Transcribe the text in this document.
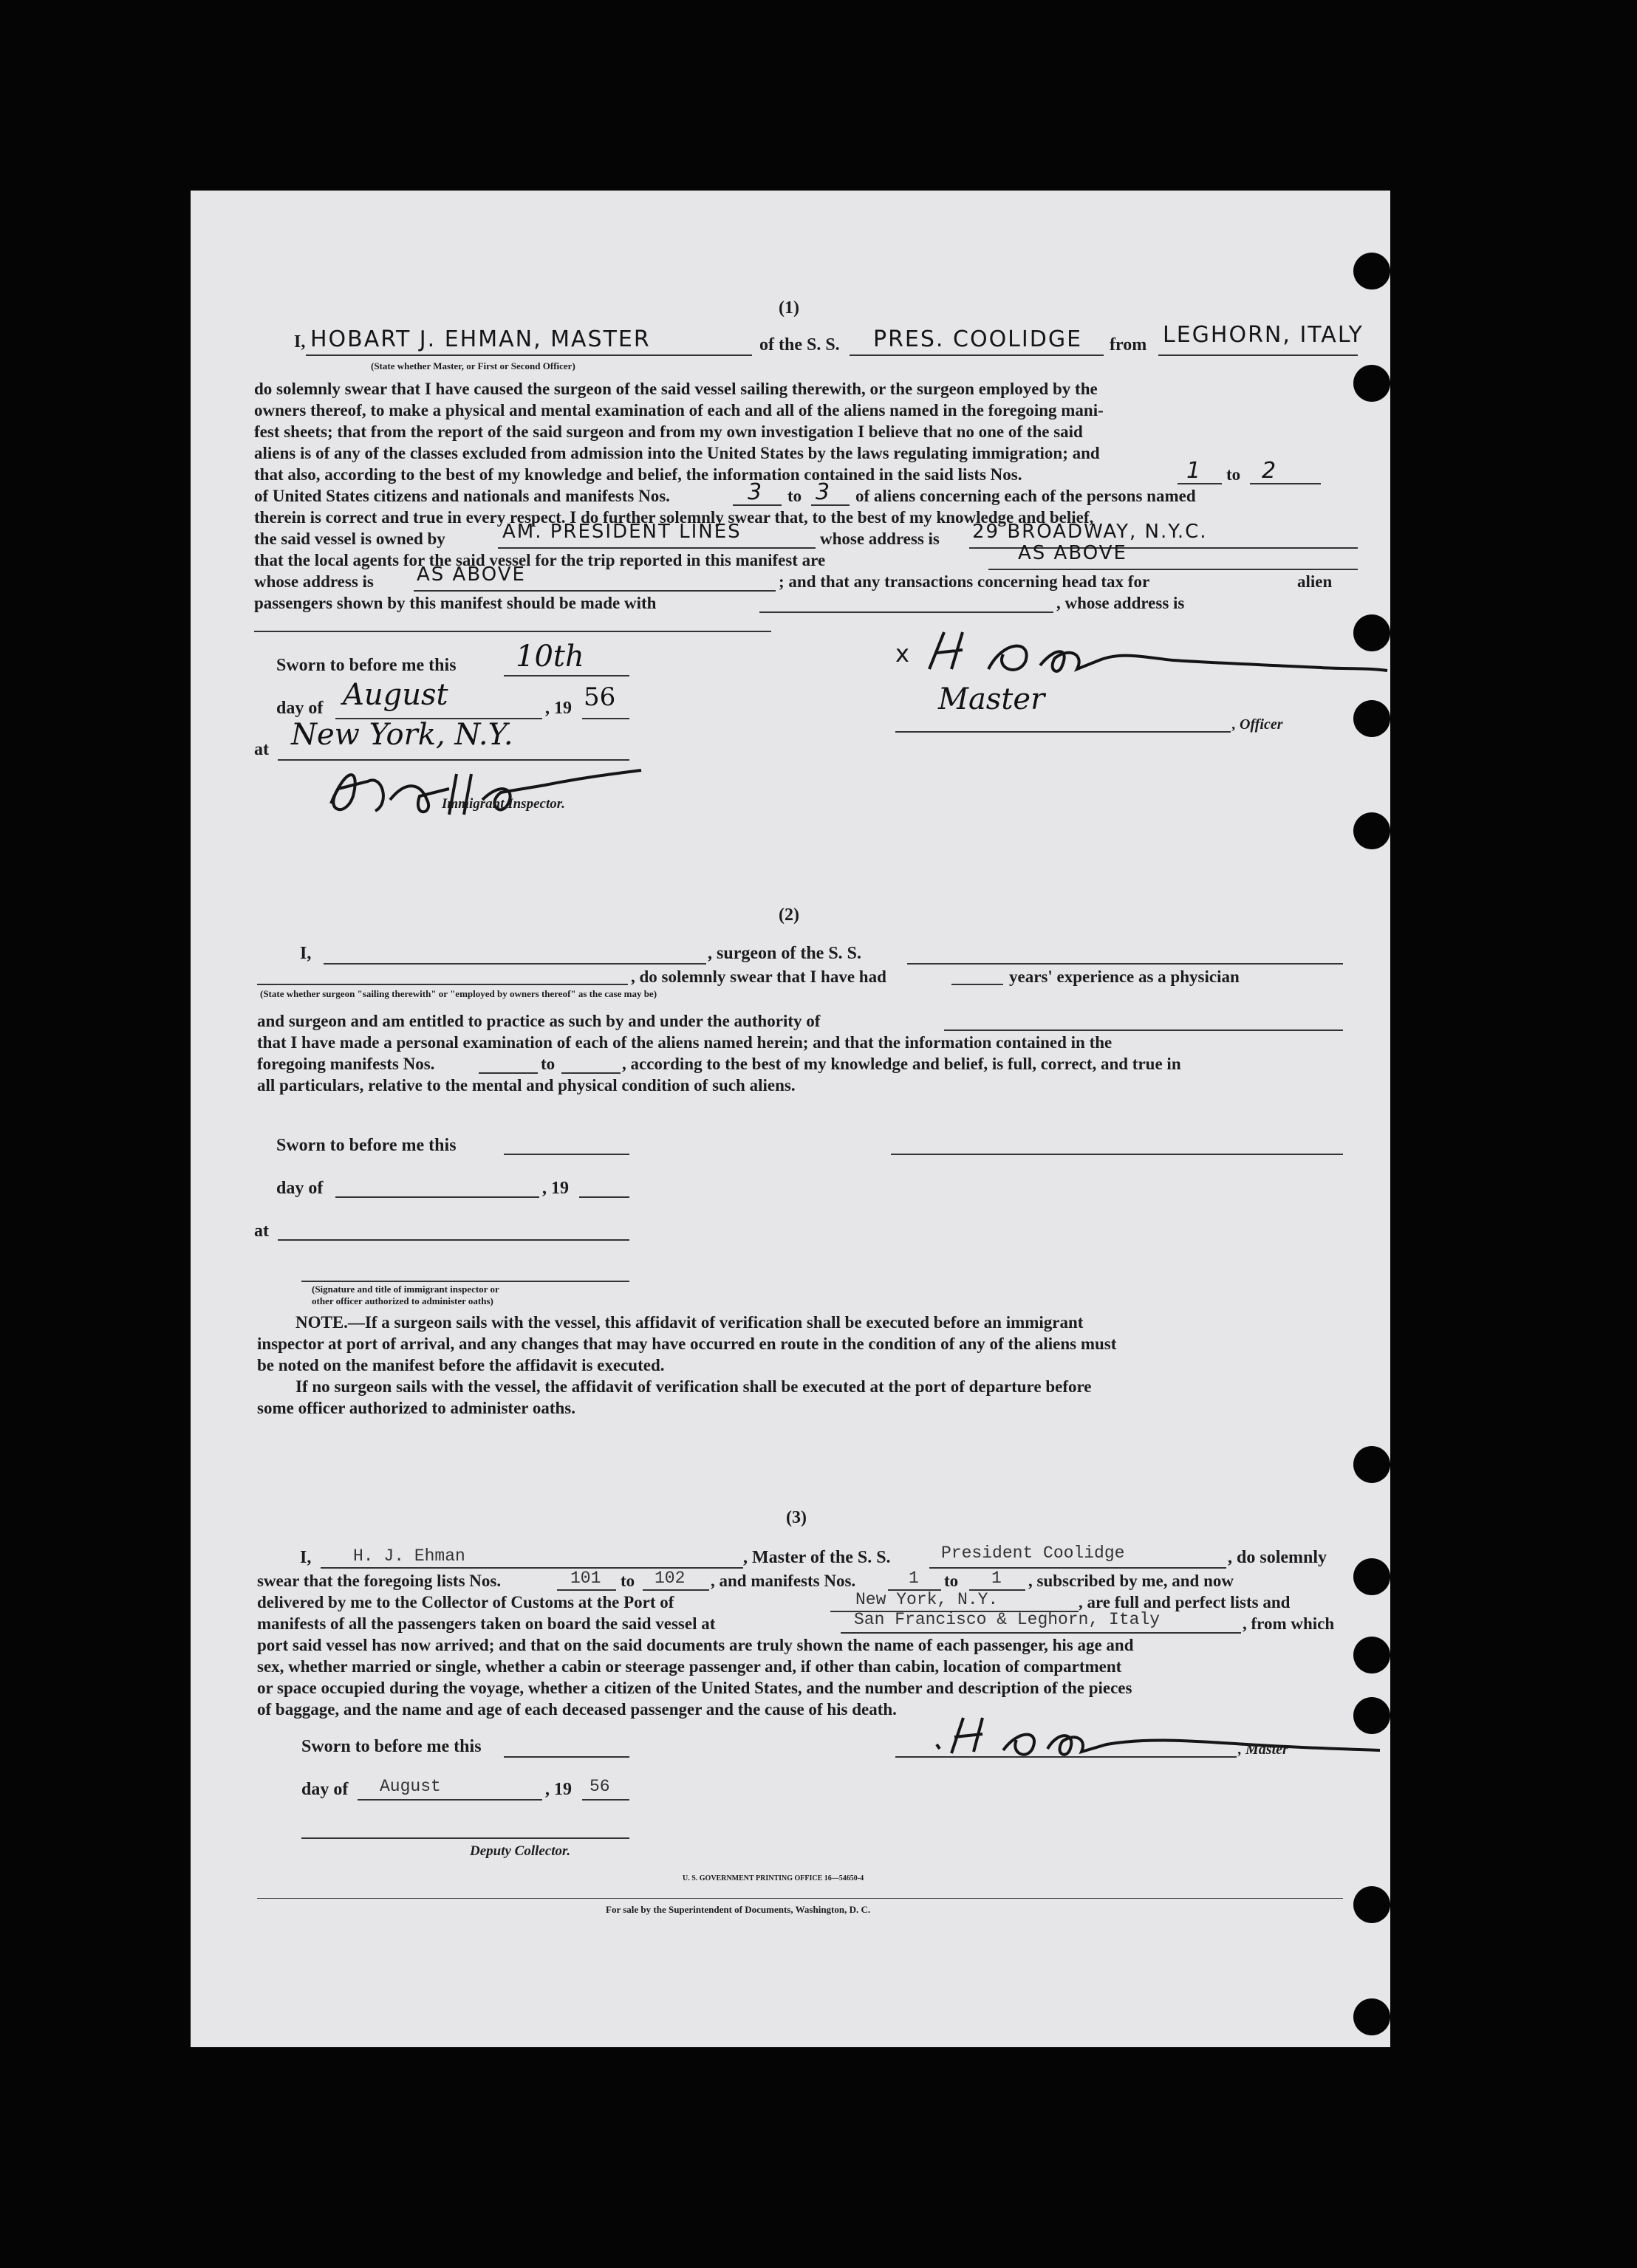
(1)
I, HOBART J. EHMAN, MASTER	of the S. S. PRES. COOLIDGE from LEGHORN, ITALY
(State whether Master, or First or Second Officer)
do solemnly swear that I have caused the surgeon of the said vessel sailing therewith, or the surgeon employed by the
owners thereof, to make a physical and mental examination of each and all of the aliens named in the foregoing mani-
fest sheets; that from the report of the said surgeon and from my own investigation I believe that no one of the said
aliens is of any of the classes excluded from admission into the United States by the laws regulating immigration; and
that also, according to the best of my knowledge and belief, the information contained in the said lists Nos.	1 to 2
of United States citizens and nationals and manifests Nos.	3 to 3 of aliens concerning each of the persons named
therein is correct and true in every respect. I do further solemnly swear that, to the best of my knowledge and belief,
the said vessel is owned by	AM. PRESIDENT LINES	whose address is 29 BROADWAY, N.Y.C.
that the local agents for the said vessel for the trip reported in this manifest are	AS ABOVE
whose address is AS ABOVE	; and that any transactions concerning head tax for	alien
passengers shown by this manifest should be made with	, whose address is
Sworn to before me this 10th
day of August	, 19 56
at New York, N.Y.
Immigrant Inspector.
x
Master
, Officer
(2)
I,	, surgeon of the S. S.
, do solemnly swear that I have had	years' experience as a physician
(State whether surgeon "sailing therewith" or "employed by owners thereof" as the case may be)
and surgeon and am entitled to practice as such by and under the authority of
that I have made a personal examination of each of the aliens named herein; and that the information contained in the
foregoing manifests Nos.	to	, according to the best of my knowledge and belief, is full, correct, and true in
all particulars, relative to the mental and physical condition of such aliens.
Sworn to before me this
day of	, 19
at
(Signature and title of immigrant inspector or
other officer authorized to administer oaths)
NOTE.—If a surgeon sails with the vessel, this affidavit of verification shall be executed before an immigrant
inspector at port of arrival, and any changes that may have occurred en route in the condition of any of the aliens must
be noted on the manifest before the affidavit is executed.
If no surgeon sails with the vessel, the affidavit of verification shall be executed at the port of departure before
some officer authorized to administer oaths.
(3)
I, H. J. Ehman	, Master of the S. S.	President Coolidge	, do solemnly
swear that the foregoing lists Nos.	101 to 102 , and manifests Nos.	1 to 1 , subscribed by me, and now
delivered by me to the Collector of Customs at the Port of	New York, N.Y.	, are full and perfect lists and
manifests of all the passengers taken on board the said vessel at	San Francisco & Leghorn, Italy	, from which
port said vessel has now arrived; and that on the said documents are truly shown the name of each passenger, his age and
sex, whether married or single, whether a cabin or steerage passenger and, if other than cabin, location of compartment
or space occupied during the voyage, whether a citizen of the United States, and the number and description of the pieces
of baggage, and the name and age of each deceased passenger and the cause of his death.
Sworn to before me this	, Master
day of August	, 19 56
Deputy Collector.
U. S. GOVERNMENT PRINTING OFFICE 16—54650-4
For sale by the Superintendent of Documents, Washington, D. C.
